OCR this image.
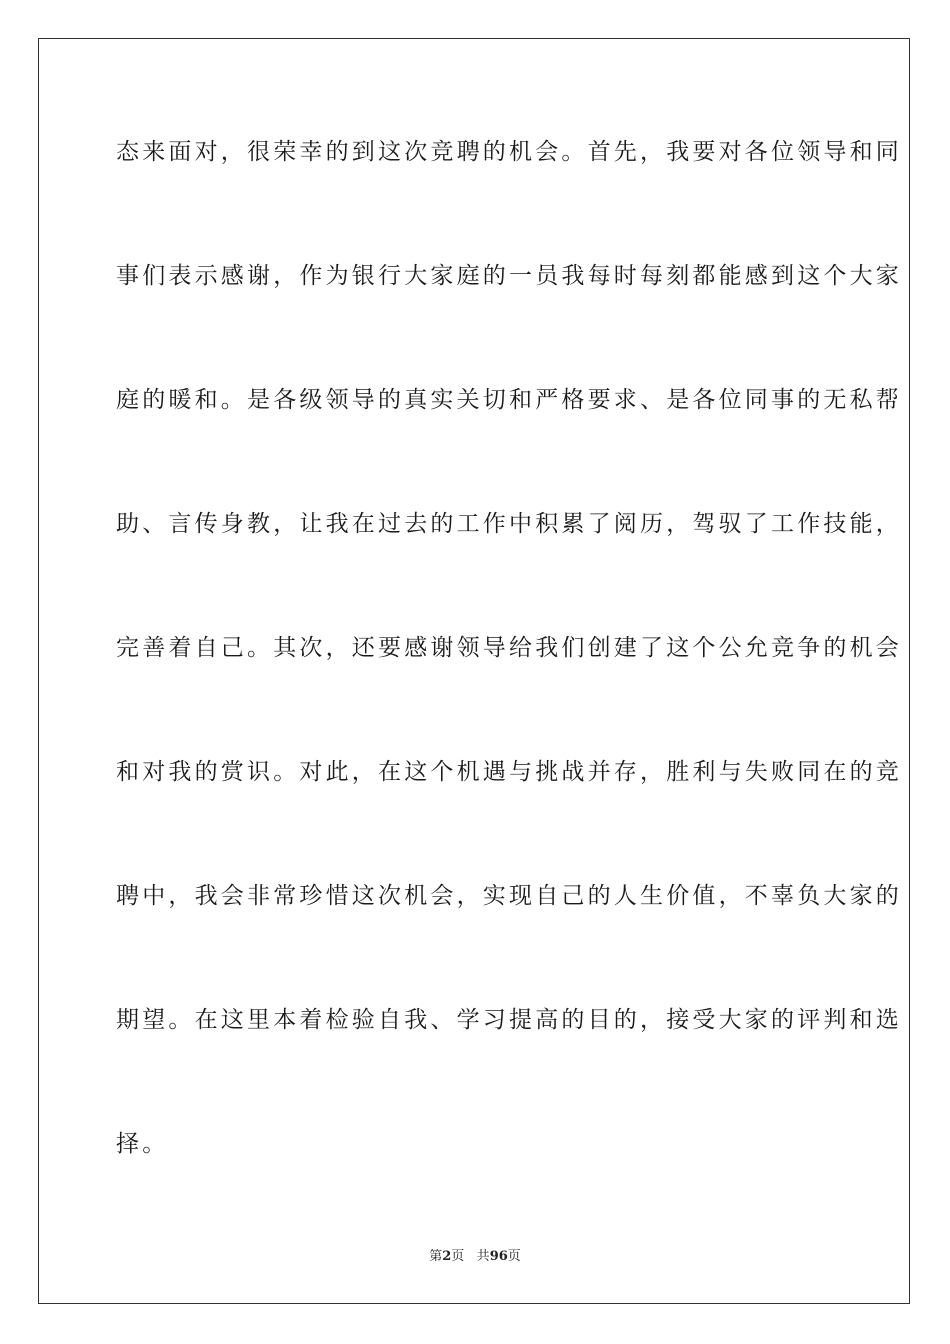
态来面对，很荣幸的到这次竞聘的机会。首先，我要对各位领导和同
事们表示感谢，作为银行大家庭的一员我每时每刻都能感到这个大家
庭的暖和。是各级领导的真实关切和严格要求、是各位同事的无私帮
助、言传身教，让我在过去的工作中积累了阅历，驾驭了工作技能，
完善着自己。其次，还要感谢领导给我们创建了这个公允竞争的机会
和对我的赏识。对此，在这个机遇与挑战并存，胜利与失败同在的竞
聘中，我会非常珍惜这次机会，实现自己的人生价值，不辜负大家的
期望。在这里本着检验自我、学习提高的目的，接受大家的评判和选
择。
第2页 共96页
